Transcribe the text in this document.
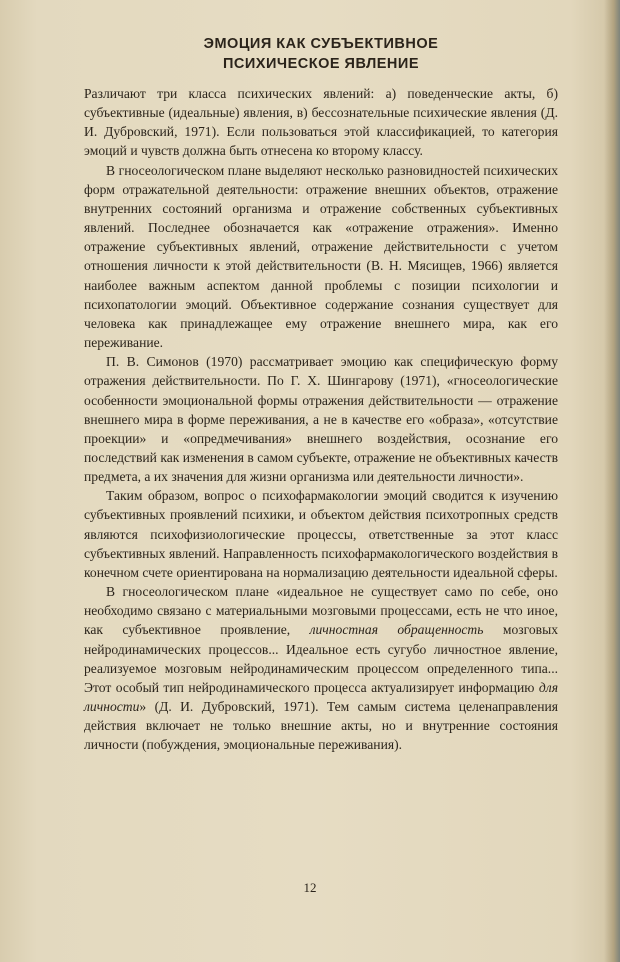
ЭМОЦИЯ КАК СУБЪЕКТИВНОЕ
ПСИХИЧЕСКОЕ ЯВЛЕНИЕ

Различают три класса психических явлений: а) поведенческие акты, б) субъективные (идеальные) явления, в) бессознательные психические явления (Д. И. Дубровский, 1971). Если пользоваться этой классификацией, то категория эмоций и чувств должна быть отнесена ко второму классу.

В гносеологическом плане выделяют несколько разновидностей психических форм отражательной деятельности: отражение внешних объектов, отражение внутренних состояний организма и отражение собственных субъективных явлений. Последнее обозначается как «отражение отражения». Именно отражение субъективных явлений, отражение действительности с учетом отношения личности к этой действительности (В. Н. Мясищев, 1966) является наиболее важным аспектом данной проблемы с позиции психологии и психопатологии эмоций. Объективное содержание сознания существует для человека как принадлежащее ему отражение внешнего мира, как его переживание.

П. В. Симонов (1970) рассматривает эмоцию как специфическую форму отражения действительности. По Г. Х. Шингарову (1971), «гносеологические особенности эмоциональной формы отражения действительности — отражение внешнего мира в форме переживания, а не в качестве его «образа», «отсутствие проекции» и «опредмечивания» внешнего воздействия, осознание его последствий как изменения в самом субъекте, отражение не объективных качеств предмета, а их значения для жизни организма или деятельности личности».

Таким образом, вопрос о психофармакологии эмоций сводится к изучению субъективных проявлений психики, и объектом действия психотропных средств являются психофизиологические процессы, ответственные за этот класс субъективных явлений. Направленность психофармакологического воздействия в конечном счете ориентирована на нормализацию деятельности идеальной сферы.

В гносеологическом плане «идеальное не существует само по себе, оно необходимо связано с материальными мозговыми процессами, есть не что иное, как субъективное проявление, личностная обращенность мозговых нейродинамических процессов... Идеальное есть сугубо личностное явление, реализуемое мозговым нейродинамическим процессом определенного типа... Этот особый тип нейродинамического процесса актуализирует информацию для личности» (Д. И. Дубровский, 1971). Тем самым система целенаправления действия включает не только внешние акты, но и внутренние состояния личности (побуждения, эмоциональные переживания).

12
